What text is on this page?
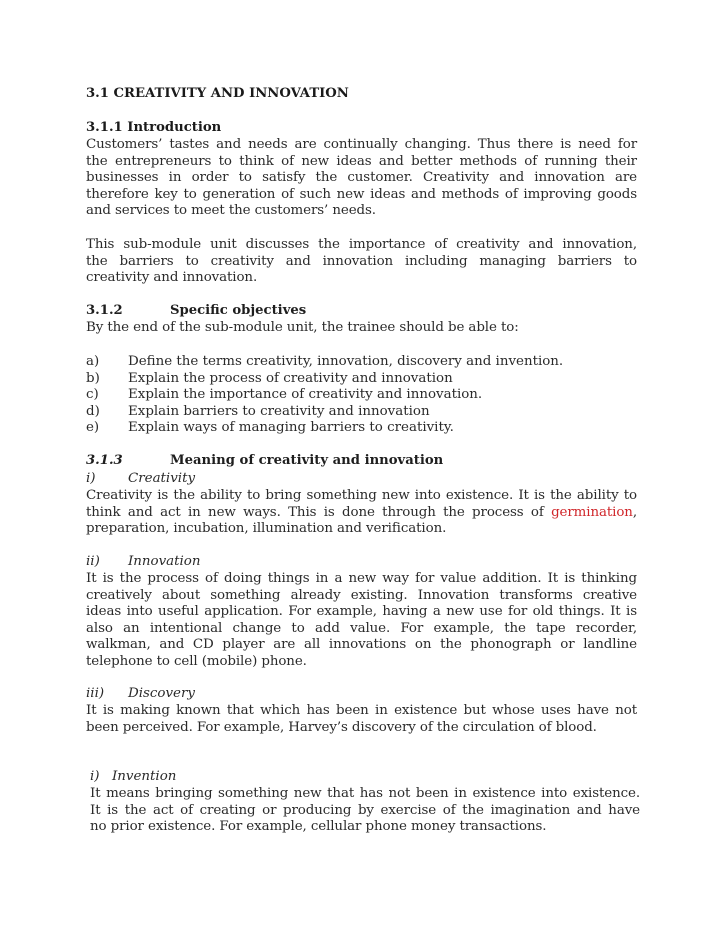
3.1 CREATIVITY AND INNOVATION
3.1.1 Introduction
Customers’ tastes and needs are continually changing. Thus there is need for
the entrepreneurs to think of new ideas and better methods of running their
businesses in order to satisfy the customer. Creativity and innovation are
therefore key to generation of such new ideas and methods of improving goods
and services to meet the customers’ needs.
This sub-module unit discusses the importance of creativity and innovation,
the barriers to creativity and innovation including managing barriers to
creativity and innovation.
3.1.2	Specific objectives
By the end of the sub-module unit, the trainee should be able to:
a)	Define the terms creativity, innovation, discovery and invention.
b)	Explain the process of creativity and innovation
c)	Explain the importance of creativity and innovation.
d)	Explain barriers to creativity and innovation
e)	Explain ways of managing barriers to creativity.
3.1.3	Meaning of creativity and innovation
i) Creativity
Creativity is the ability to bring something new into existence. It is the ability to
think and act in new ways. This is done through the process of germination,
preparation, incubation, illumination and verification.
ii) Innovation
It is the process of doing things in a new way for value addition. It is thinking
creatively about something already existing. Innovation transforms creative
ideas into useful application. For example, having a new use for old things. It is
also an intentional change to add value. For example, the tape recorder,
walkman, and CD player are all innovations on the phonograph or landline
telephone to cell (mobile) phone.
iii) Discovery
It is making known that which has been in existence but whose uses have not
been perceived. For example, Harvey’s discovery of the circulation of blood.
i) Invention
It means bringing something new that has not been in existence into existence.
It is the act of creating or producing by exercise of the imagination and have
no prior existence. For example, cellular phone money transactions.
